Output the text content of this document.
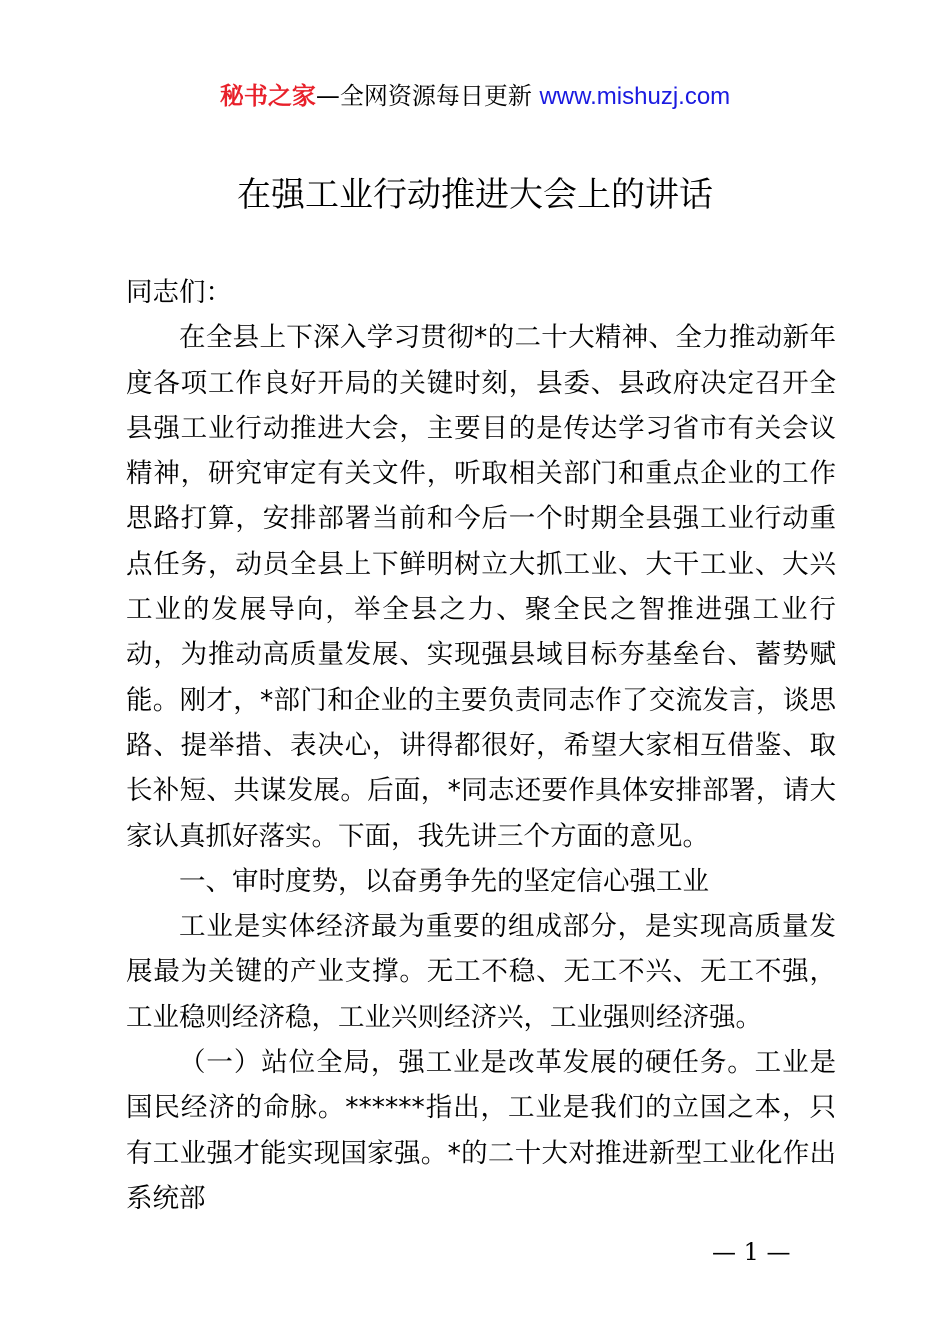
秘书之家—全网资源每日更新 www.mishuzj.com
在强工业行动推进大会上的讲话

同志们：

在全县上下深入学习贯彻*的二十大精神、全力推动新年度各项工作良好开局的关键时刻，县委、县政府决定召开全县强工业行动推进大会，主要目的是传达学习省市有关会议精神，研究审定有关文件，听取相关部门和重点企业的工作思路打算，安排部署当前和今后一个时期全县强工业行动重点任务，动员全县上下鲜明树立大抓工业、大干工业、大兴工业的发展导向，举全县之力、聚全民之智推进强工业行动，为推动高质量发展、实现强县域目标夯基垒台、蓄势赋能。刚才，*部门和企业的主要负责同志作了交流发言，谈思路、提举措、表决心，讲得都很好，希望大家相互借鉴、取长补短、共谋发展。后面，*同志还要作具体安排部署，请大家认真抓好落实。下面，我先讲三个方面的意见。

一、审时度势，以奋勇争先的坚定信心强工业

工业是实体经济最为重要的组成部分，是实现高质量发展最为关键的产业支撑。无工不稳、无工不兴、无工不强，工业稳则经济稳，工业兴则经济兴，工业强则经济强。

（一）站位全局，强工业是改革发展的硬任务。工业是国民经济的命脉。******指出，工业是我们的立国之本，只有工业强才能实现国家强。*的二十大对推进新型工业化作出系统部

— 1 —
